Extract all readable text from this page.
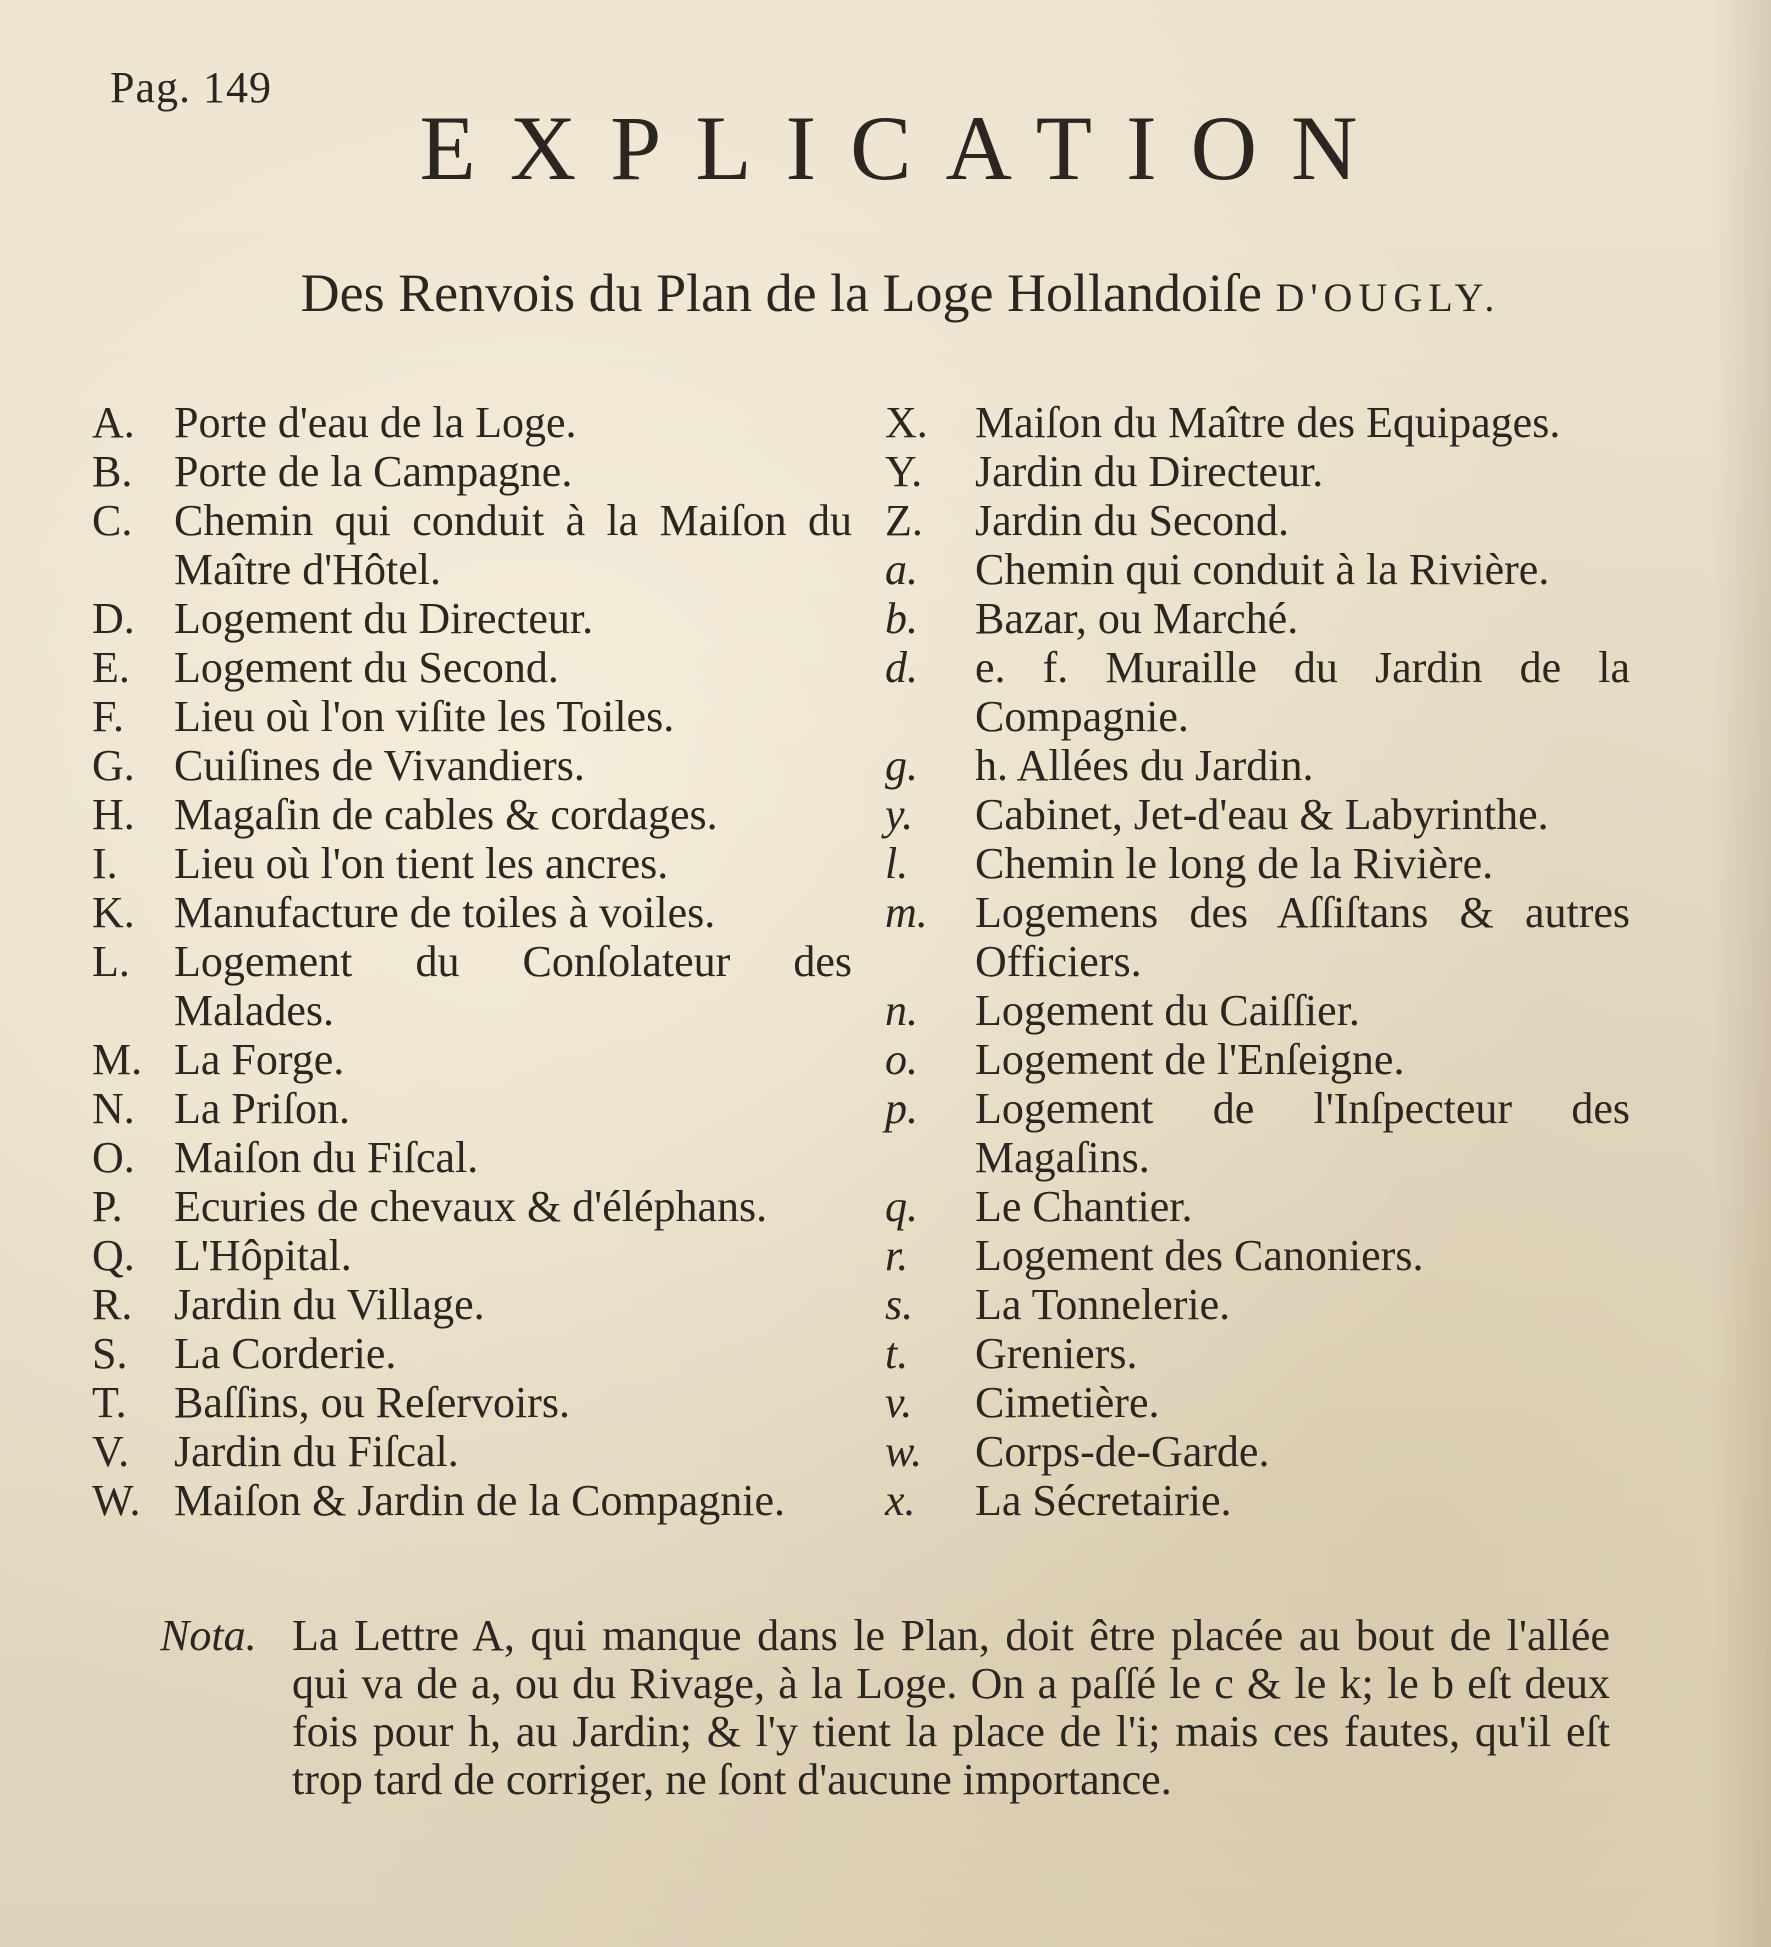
Pag. 149
EXPLICATION
Des Renvois du Plan de la Loge Hollandoiſe D'OUGLY.
A. Porte d'eau de la Loge.
B. Porte de la Campagne.
C. Chemin qui conduit à la Maiſon du Maître d'Hôtel.
D. Logement du Directeur.
E.	Logement du Second.
F.	Lieu où l'on viſite les Toiles.
G. Cuiſines de Vivandiers.
H. Magaſin de cables & cordages.
I.	Lieu où l'on tient les ancres.
K. Manufacture de toiles à voiles.
L.	Logement du Conſolateur des Malades.
M. La Forge.
N. La Priſon.
O. Maiſon du Fiſcal.
P.	Ecuries de chevaux & d'éléphans.
Q. L'Hôpital.
R. Jardin du Village.
S.	La Corderie.
T.	Baſſins, ou Reſervoirs.
V.	Jardin du Fiſcal.
W. Maiſon & Jardin de la Compagnie.
X.	Maiſon du Maître des Equipages.
Y.	Jardin du Directeur.
Z.	Jardin du Second.
a.	Chemin qui conduit à la Rivière.
b.	Bazar, ou Marché.
d.	e. f. Muraille du Jardin de la Compagnie.
g.	h. Allées du Jardin.
y.	Cabinet, Jet-d'eau & Labyrinthe.
l.	Chemin le long de la Rivière.
m.	Logemens des Aſſiſtans & autres Officiers.
n.	Logement du Caiſſier.
o.	Logement de l'Enſeigne.
p.	Logement de l'Inſpecteur des Magaſins.
q.	Le Chantier.
r.	Logement des Canoniers.
s.	La Tonnelerie.
t.	Greniers.
v.	Cimetière.
w.	Corps-de-Garde.
x.	La Sécretairie.
Nota. La Lettre A, qui manque dans le Plan, doit être placée au bout de l'allée qui va de a, ou du Rivage, à la Loge. On a paſſé le c & le k; le b eſt deux fois pour h, au Jardin; & l'y tient la place de l'i; mais ces fautes, qu'il eſt trop tard de corriger, ne ſont d'aucune importance.
